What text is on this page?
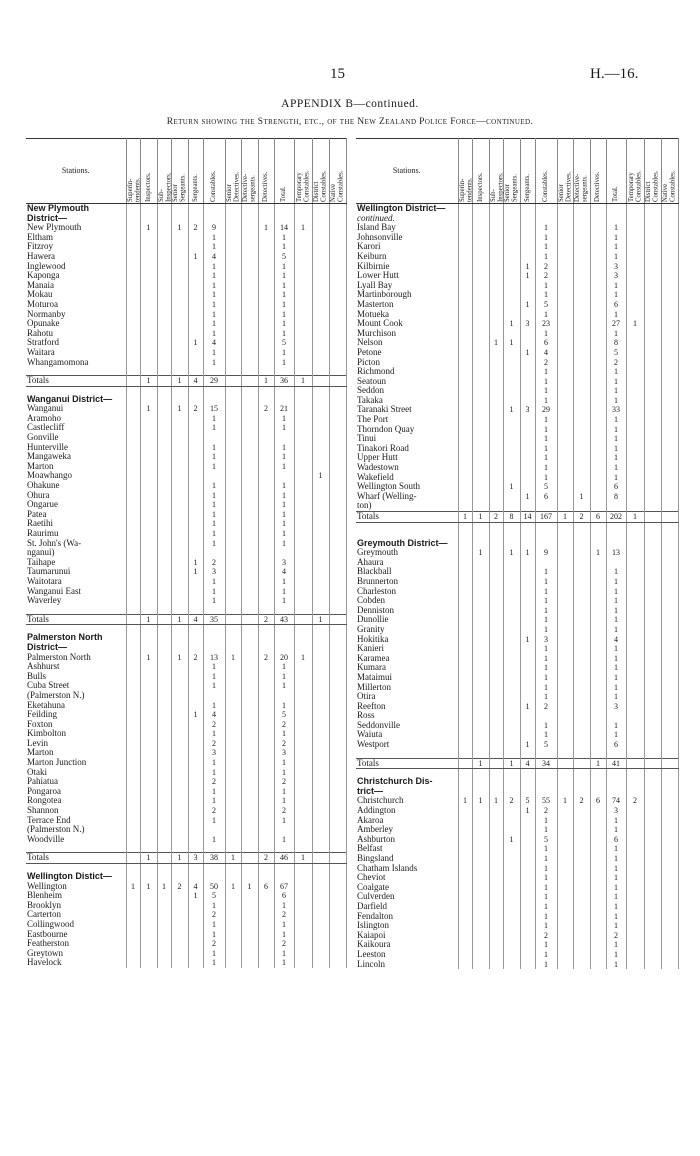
15	H.—16.
APPENDIX B—continued.
Return showing the Strength, etc., of the New Zealand Police Force—continued.
Stations.	Superin-
tendents.	Inspectors.	Sub-
Inspectors.	Senior
Sergeants.	Sergeants.	Constables.	Senior
Detectives.	Detective-
sergeants.	Detectives.	Total.	Temporary
Constables.	District
Constables.	Native
Constables.

New Plymouth													
District—													
New Plymouth		1		1	2	9			1	14	1		
Eltham						1				1			
Fitzroy						1				1			
Hawera					1	4				5			
Inglewood						1				1			
Kaponga						1				1			
Manaia						1				1			
Mokau						1				1			
Moturoa						1				1			
Normanby						1				1			
Opunake						1				1			
Rahotu						1				1			
Stratford					1	4				5			
Waitara						1				1			
Whangamomona						1				1			

Totals		1		1	4	29			1	36	1		

Wanganui District—													
Wanganui		1		1	2	15			2	21			
Aramoho						1				1			
Castlecliff						1				1			
Gonville													
Hunterville						1				1			
Mangaweka						1				1			
Marton						1				1			
Moawhango												1	
Ohakune						1				1			
Ohura						1				1			
Ongarue						1				1			
Patea						1				1			
Raetihi						1				1			
Raurimu						1				1			
St. John's (Wa-						1				1			
nganui)													
Taihape					1	2				3			
Taumarunui					1	3				4			
Waitotara						1				1			
Wanganui East						1				1			
Waverley						1				1			

Totals		1		1	4	35			2	43		1	

Palmerston North													
District—													
Palmerston North		1		1	2	13	1		2	20	1		
Ashhurst						1				1			
Bulls						1				1			
Cuba Street						1				1			
(Palmerston N.)													
Eketahuna						1				1			
Feilding					1	4				5			
Foxton						2				2			
Kimbolton						1				1			
Levin						2				2			
Marton						3				3			
Marton Junction						1				1			
Otaki						1				1			
Pahiatua						2				2			
Pongaroa						1				1			
Rongotea						1				1			
Shannon						2				2			
Terrace End						1				1			
(Palmerston N.)													
Woodville						1				1			

Totals		1		1	3	38	1		2	46	1		

Wellington Distict—													
Wellington	1	1	1	2	4	50	1	1	6	67			
Blenheim					1	5				6			
Brooklyn						1				1			
Carterton						2				2			
Collingwood						1				1			
Eastbourne						1				1			
Featherston						2				2			
Greytown						1				1			
Havelock						1				1			
Stations.	Superin-
tendents.	Inspectors.	Sub-
Inspectors.	Senior
Sergeants.	Sergeants.	Constables.	Senior
Detectives.	Detective-
sergeants.	Detectives.	Total.	Temporary
Constables.	District
Constables.	Native
Constables.

Wellington District—													
continued.													
Island Bay						1				1			
Johnsonville						1				1			
Karori						1				1			
Keiburn						1				1			
Kilbirnie					1	2				3			
Lower Hutt					1	2				3			
Lyall Bay						1				1			
Martinborough						1				1			
Masterton					1	5				6			
Motueka						1				1			
Mount Cook				1	3	23				27	1		
Murchison						1				1			
Nelson			1	1		6				8			
Petone					1	4				5			
Picton						2				2			
Richmond						1				1			
Seatoun						1				1			
Seddon						1				1			
Takaka						1				1			
Taranaki Street				1	3	29				33			
The Port						1				1			
Thorndon Quay						1				1			
Tinui						1				1			
Tinakori Road						1				1			
Upper Hutt						1				1			
Wadestown						1				1			
Wakefield						1				1			
Wellington South				1		5				6			
Wharf (Welling-					1	6		1		8			
ton)													
Totals	1	1	2	8	14	167	1	2	6	202	1		

Greymouth District—													
Greymouth		1		1	1	9			1	13			
Ahaura													
Blackball						1				1			
Brunnerton						1				1			
Charleston						1				1			
Cobden						1				1			
Denniston						1				1			
Dunollie						1				1			
Granity						1				1			
Hokitika					1	3				4			
Kanieri						1				1			
Karamea						1				1			
Kumara						1				1			
Mataimui						1				1			
Millerton						1				1			
Otira						1				1			
Reefton					1	2				3			
Ross													
Seddonville						1				1			
Waiuta						1				1			
Westport					1	5				6			

Totals		1		1	4	34			1	41			

Christchurch Dis-													
trict—													
Christchurch	1	1	1	2	5	55	1	2	6	74	2		
Addington					1	2				3			
Akaroa						1				1			
Amberley						1				1			
Ashburton				1		5				6			
Belfast						1				1			
Bingsland						1				1			
Chatham Islands						1				1			
Cheviot						1				1			
Coalgate						1				1			
Culverden						1				1			
Darfield						1				1			
Fendalton						1				1			
Islington						1				1			
Kaiapoi						2				2			
Kaikoura						1				1			
Leeston						1				1			
Lincoln						1				1			
